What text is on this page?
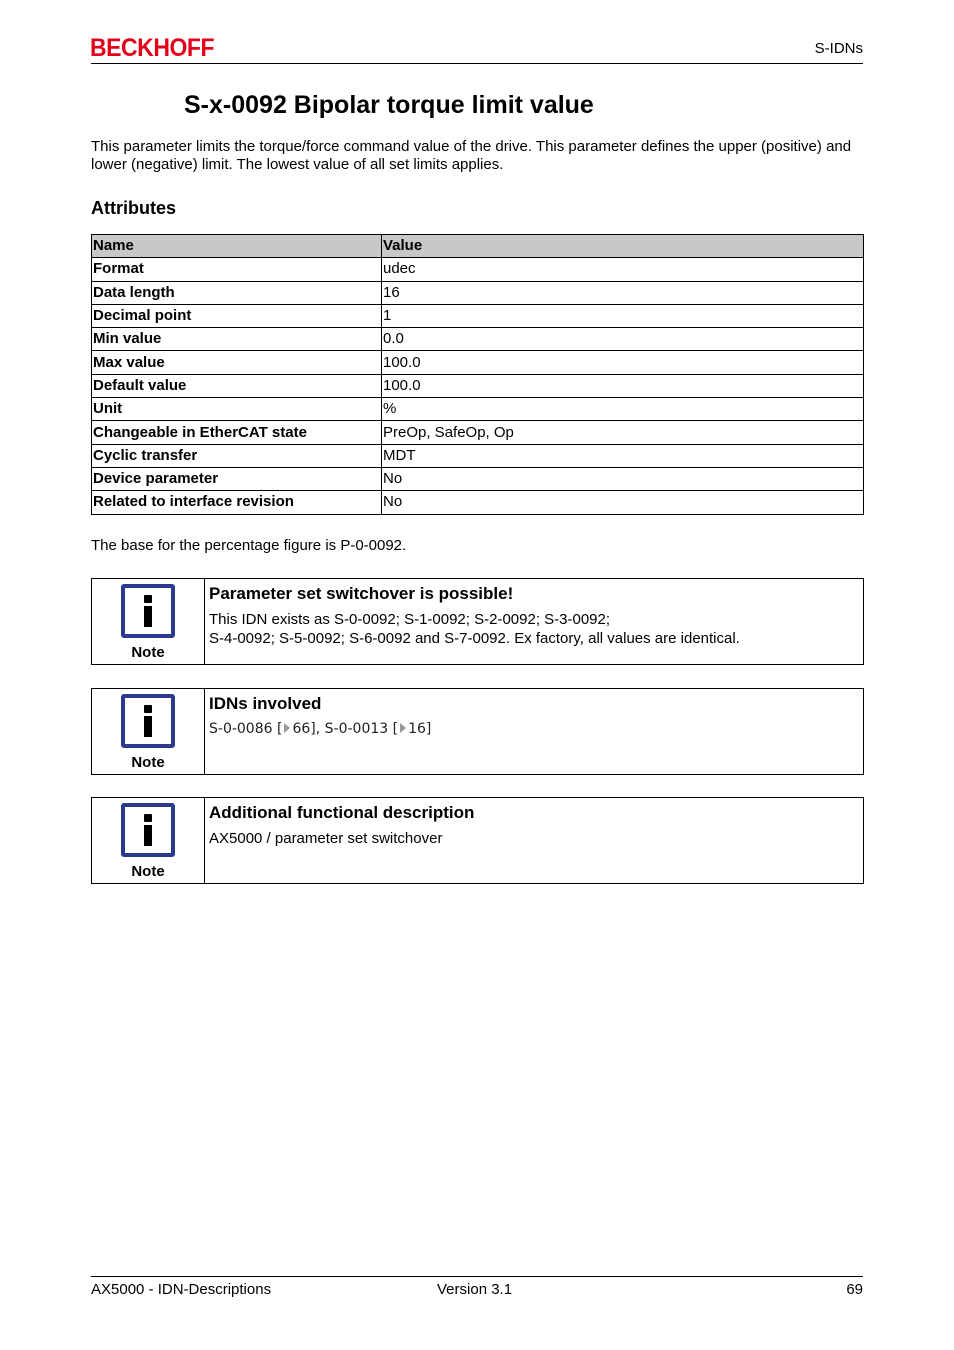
BECKHOFF	S-IDNs
S-x-0092 Bipolar torque limit value

This parameter limits the torque/force command value of the drive. This parameter defines the upper (positive) and lower (negative) limit. The lowest value of all set limits applies.

Attributes
Name	Value
Format	udec
Data length	16
Decimal point	1
Min value	0.0
Max value	100.0
Default value	100.0
Unit	%
Changeable in EtherCAT state	PreOp, SafeOp, Op
Cyclic transfer	MDT
Device parameter	No
Related to interface revision	No

The base for the percentage figure is P-0-0092.

Note

Parameter set switchover is possible!

This IDN exists as S-0-0092; S-1-0092; S-2-0092; S-3-0092;

S-4-0092; S-5-0092; S-6-0092 and S-7-0092. Ex factory, all values are identical.

Note

IDNs involved

S-0-0086 [ 66], S-0-0013 [ 16]

Note

Additional functional description

AX5000 / parameter set switchover

AX5000 - IDN-Descriptions	Version 3.1	69
